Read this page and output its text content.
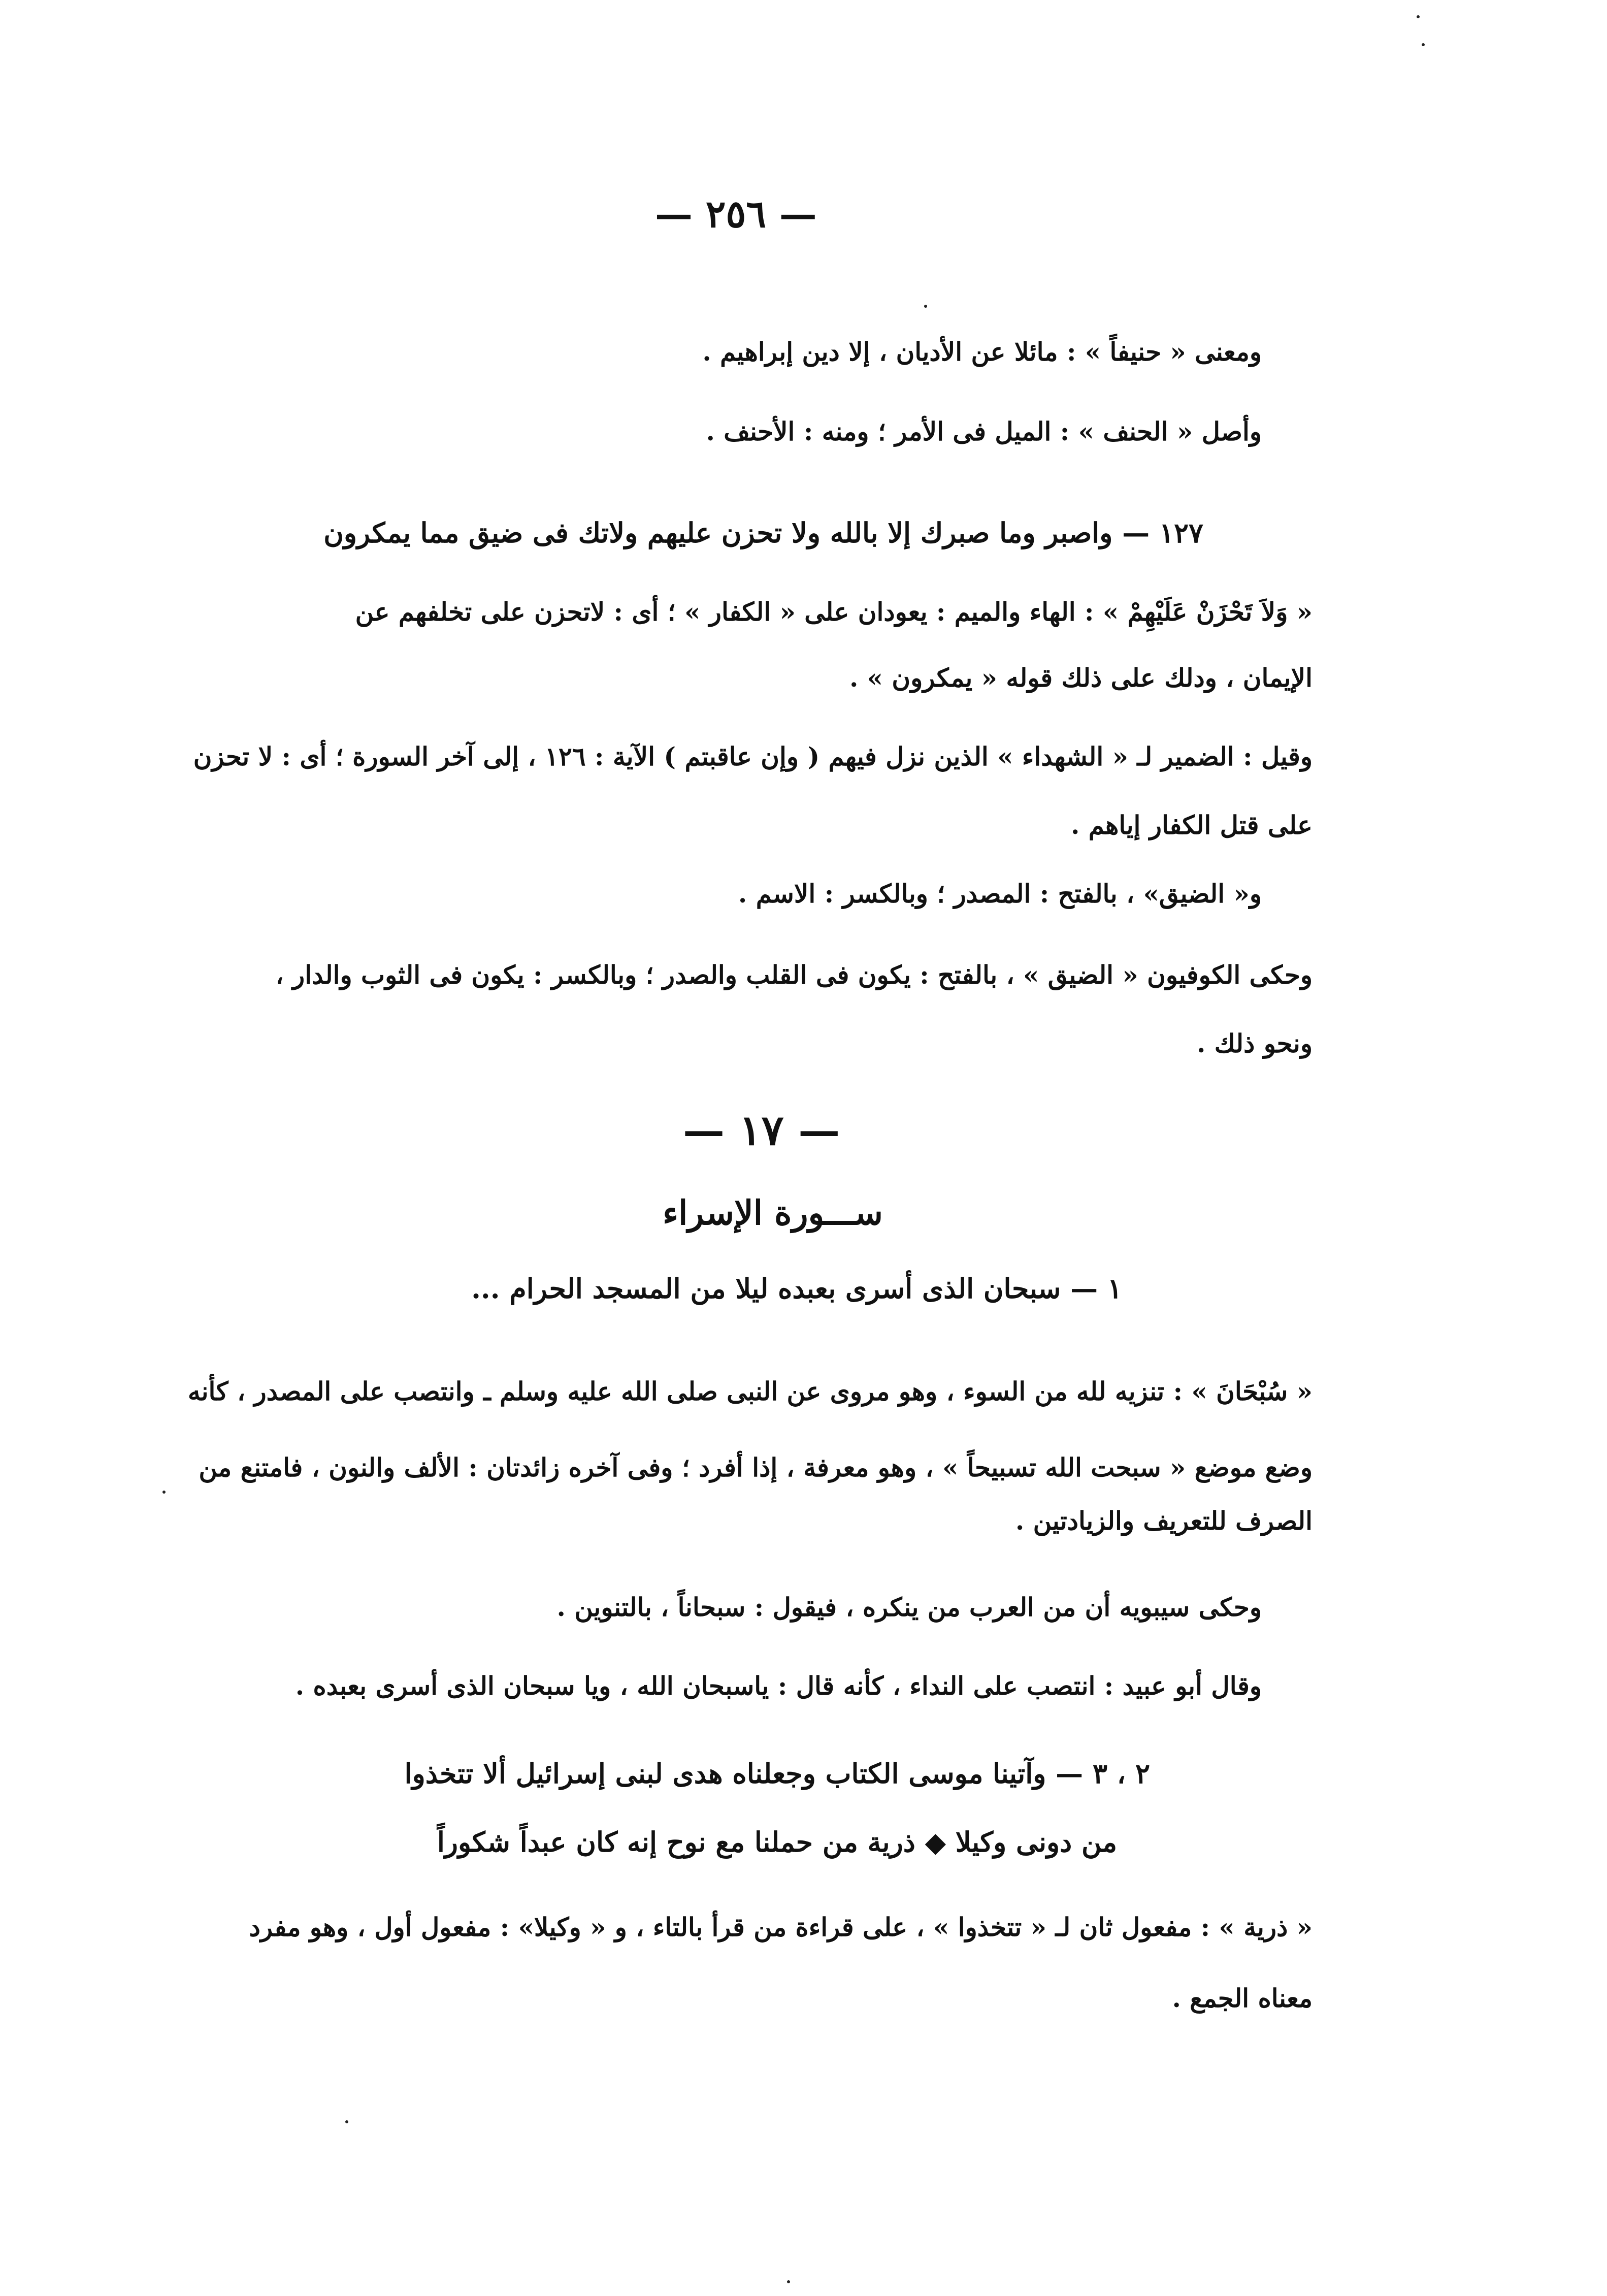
— ٢٥٦ —
ومعنى « حنيفاً » : مائلا عن الأديان ، إلا دين إبراهيم .
وأصل « الحنف » : الميل فى الأمر ؛ ومنه : الأحنف .
١٢٧ — واصبر وما صبرك إلا بالله ولا تحزن عليهم ولاتك فى ضيق مما يمكرون
« وَلاَ تَحْزَنْ عَلَيْهِمْ » : الهاء والميم : يعودان على « الكفار » ؛ أى : لاتحزن على تخلفهم عن
الإيمان ، ودلك على ذلك قوله « يمكرون » .
وقيل : الضمير لـ « الشهداء » الذين نزل فيهم ( وإن عاقبتم ) الآية : ١٢٦ ، إلى آخر السورة ؛ أى : لا تحزن
على قتل الكفار إياهم .
و« الضيق» ، بالفتح : المصدر ؛ وبالكسر : الاسم .
وحكى الكوفيون « الضيق » ، بالفتح : يكون فى القلب والصدر ؛ وبالكسر : يكون فى الثوب والدار ،
ونحو ذلك .
— ١٧ —
ســـورة الإسراء
١ — سبحان الذى أسرى بعبده ليلا من المسجد الحرام ...
« سُبْحَانَ » : تنزيه لله من السوء ، وهو مروى عن النبى صلى الله عليه وسلم ـ وانتصب على المصدر ، كأنه
وضع موضع « سبحت الله تسبيحاً » ، وهو معرفة ، إذا أفرد ؛ وفى آخره زائدتان : الألف والنون ، فامتنع من
الصرف للتعريف والزيادتين .
وحكى سيبويه أن من العرب من ينكره ، فيقول : سبحاناً ، بالتنوين .
وقال أبو عبيد : انتصب على النداء ، كأنه قال : ياسبحان الله ، ويا سبحان الذى أسرى بعبده .
٢ ، ٣ — وآتينا موسى الكتاب وجعلناه هدى لبنى إسرائيل ألا تتخذوا
من دونى وكيلا ◆ ذرية من حملنا مع نوح إنه كان عبداً شكوراً
« ذرية » : مفعول ثان لـ « تتخذوا » ، على قراءة من قرأ بالتاء ، و « وكيلا» : مفعول أول ، وهو مفرد
معناه الجمع .
